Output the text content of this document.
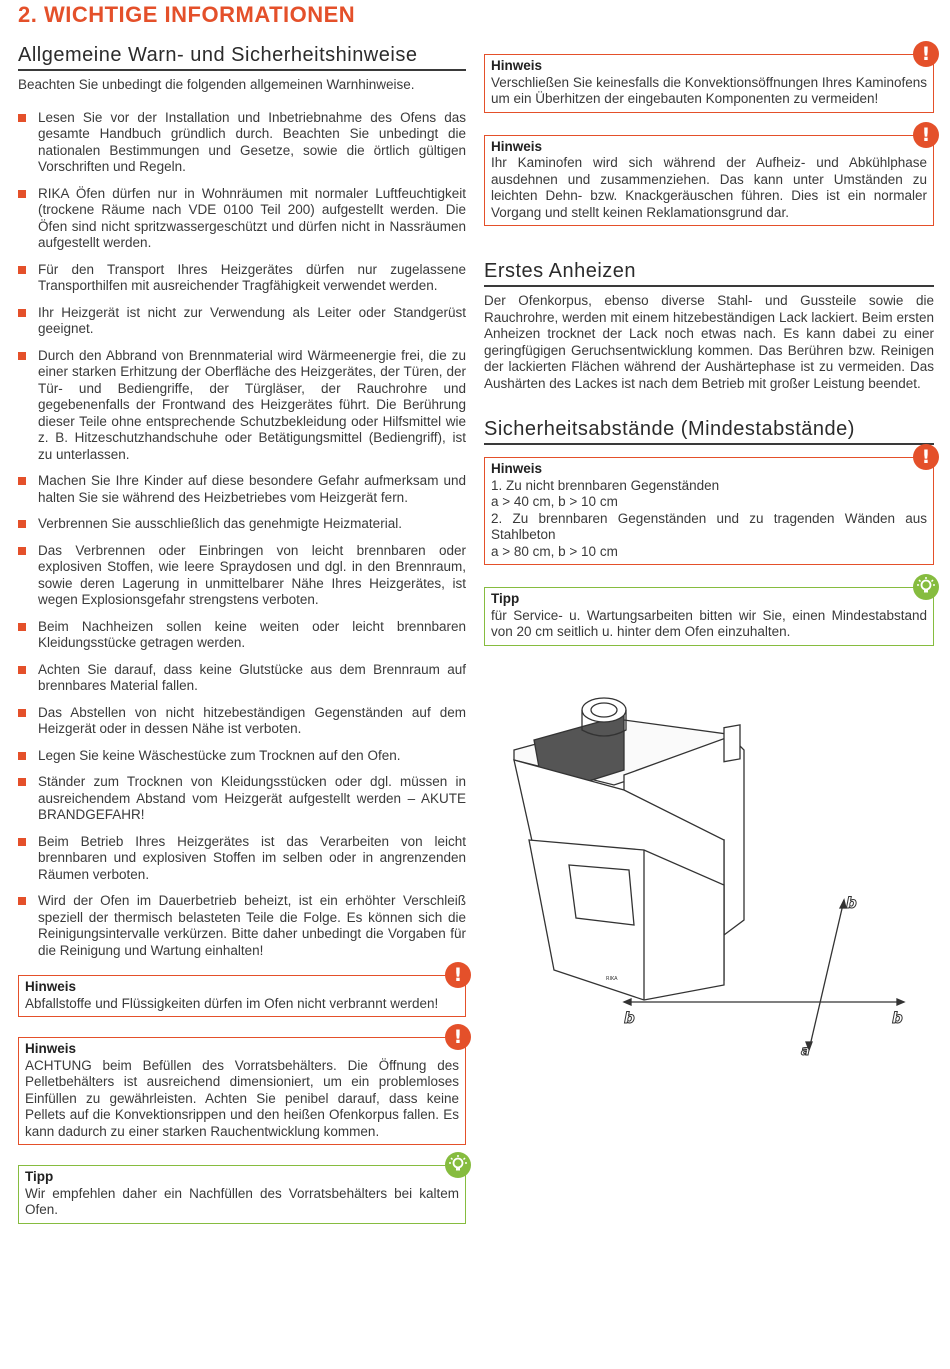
2. WICHTIGE INFORMATIONEN
Allgemeine Warn- und Sicherheitshinweise

Beachten Sie unbedingt die folgenden allgemeinen Warnhinweise.

Lesen Sie vor der Installation und Inbetriebnahme des Ofens das gesamte Handbuch gründlich durch. Beachten Sie unbedingt die nationalen Bestimmungen und Gesetze, sowie die örtlich gültigen Vorschriften und Regeln.
RIKA Öfen dürfen nur in Wohnräumen mit normaler Luftfeuchtigkeit (trockene Räume nach VDE 0100 Teil 200) aufgestellt werden. Die Öfen sind nicht spritzwassergeschützt und dürfen nicht in Nassräumen aufgestellt werden.
Für den Transport Ihres Heizgerätes dürfen nur zugelassene Transporthilfen mit ausreichender Tragfähigkeit verwendet werden.
Ihr Heizgerät ist nicht zur Verwendung als Leiter oder Standgerüst geeignet.
Durch den Abbrand von Brennmaterial wird Wärmeenergie frei, die zu einer starken Erhitzung der Oberfläche des Heizgerätes, der Türen, der Tür- und Bediengriffe, der Türgläser, der Rauchrohre und gegebenenfalls der Frontwand des Heizgerätes führt. Die Berührung dieser Teile ohne entsprechende Schutzbekleidung oder Hilfsmittel wie z. B. Hitzeschutzhandschuhe oder Betätigungsmittel (Bediengriff), ist zu unterlassen.
Machen Sie Ihre Kinder auf diese besondere Gefahr aufmerksam und halten Sie sie während des Heizbetriebes vom Heizgerät fern.
Verbrennen Sie ausschließlich das genehmigte Heizmaterial.
Das Verbrennen oder Einbringen von leicht brennbaren oder explosiven Stoffen, wie leere Spraydosen und dgl. in den Brennraum, sowie deren Lagerung in unmittelbarer Nähe Ihres Heizgerätes, ist wegen Explosionsgefahr strengstens verboten.
Beim Nachheizen sollen keine weiten oder leicht brennbaren Kleidungsstücke getragen werden.
Achten Sie darauf, dass keine Glutstücke aus dem Brennraum auf brennbares Material fallen.
Das Abstellen von nicht hitzebeständigen Gegenständen auf dem Heizgerät oder in dessen Nähe ist verboten.
Legen Sie keine Wäschestücke zum Trocknen auf den Ofen.
Ständer zum Trocknen von Kleidungsstücken oder dgl. müssen in ausreichendem Abstand vom Heizgerät aufgestellt werden – AKUTE BRANDGEFAHR!
Beim Betrieb Ihres Heizgerätes ist das Verarbeiten von leicht brennbaren und explosiven Stoffen im selben oder in angrenzenden Räumen verboten.
Wird der Ofen im Dauerbetrieb beheizt, ist ein erhöhter Verschleiß speziell der thermisch belasteten Teile die Folge. Es können sich die Reinigungsintervalle verkürzen. Bitte daher unbedingt die Vorgaben für die Reinigung und Wartung einhalten!
!
Hinweis
Abfallstoffe und Flüssigkeiten dürfen im Ofen nicht verbrannt werden!
!
Hinweis
ACHTUNG beim Befüllen des Vorratsbehälters. Die Öffnung des Pelletbehälters ist ausreichend dimensioniert, um ein problemloses Einfüllen zu gewährleisten. Achten Sie penibel darauf, dass keine Pellets auf die Konvektionsrippen und den heißen Ofenkorpus fallen. Es kann dadurch zu einer starken Rauchentwicklung kommen.
Tipp
Wir empfehlen daher ein Nachfüllen des Vorratsbehälters bei kaltem Ofen.
!
Hinweis
Verschließen Sie keinesfalls die Konvektionsöffnungen Ihres Kaminofens um ein Überhitzen der eingebauten Komponenten zu vermeiden!
!
Hinweis
Ihr Kaminofen wird sich während der Aufheiz- und Abkühlphase ausdehnen und zusammenziehen. Das kann unter Umständen zu leichten Dehn- bzw. Knackgeräuschen führen. Dies ist ein normaler Vorgang und stellt keinen Reklamationsgrund dar.
Erstes Anheizen

Der Ofenkorpus, ebenso diverse Stahl- und Gussteile sowie die Rauchrohre, werden mit einem hitzebeständigen Lack lackiert. Beim ersten Anheizen trocknet der Lack noch etwas nach. Es kann dabei zu einer geringfügigen Geruchsentwicklung kommen. Das Berühren bzw. Reinigen der lackierten Flächen während der Aushärtephase ist zu vermeiden. Das Aushärten des Lackes ist nach dem Betrieb mit großer Leistung beendet.

Sicherheitsabstände (Mindestabstände)
!
Hinweis
1. Zu nicht brennbaren Gegenständen
a > 40 cm, b > 10 cm
2. Zu brennbaren Gegenständen und zu tragenden Wänden aus Stahlbeton
a > 80 cm, b > 10 cm
Tipp
für Service- u. Wartungsarbeiten bitten wir Sie, einen Mindestabstand von 20 cm seitlich u. hinter dem Ofen einzuhalten.
b
b	b
a
RIKA
